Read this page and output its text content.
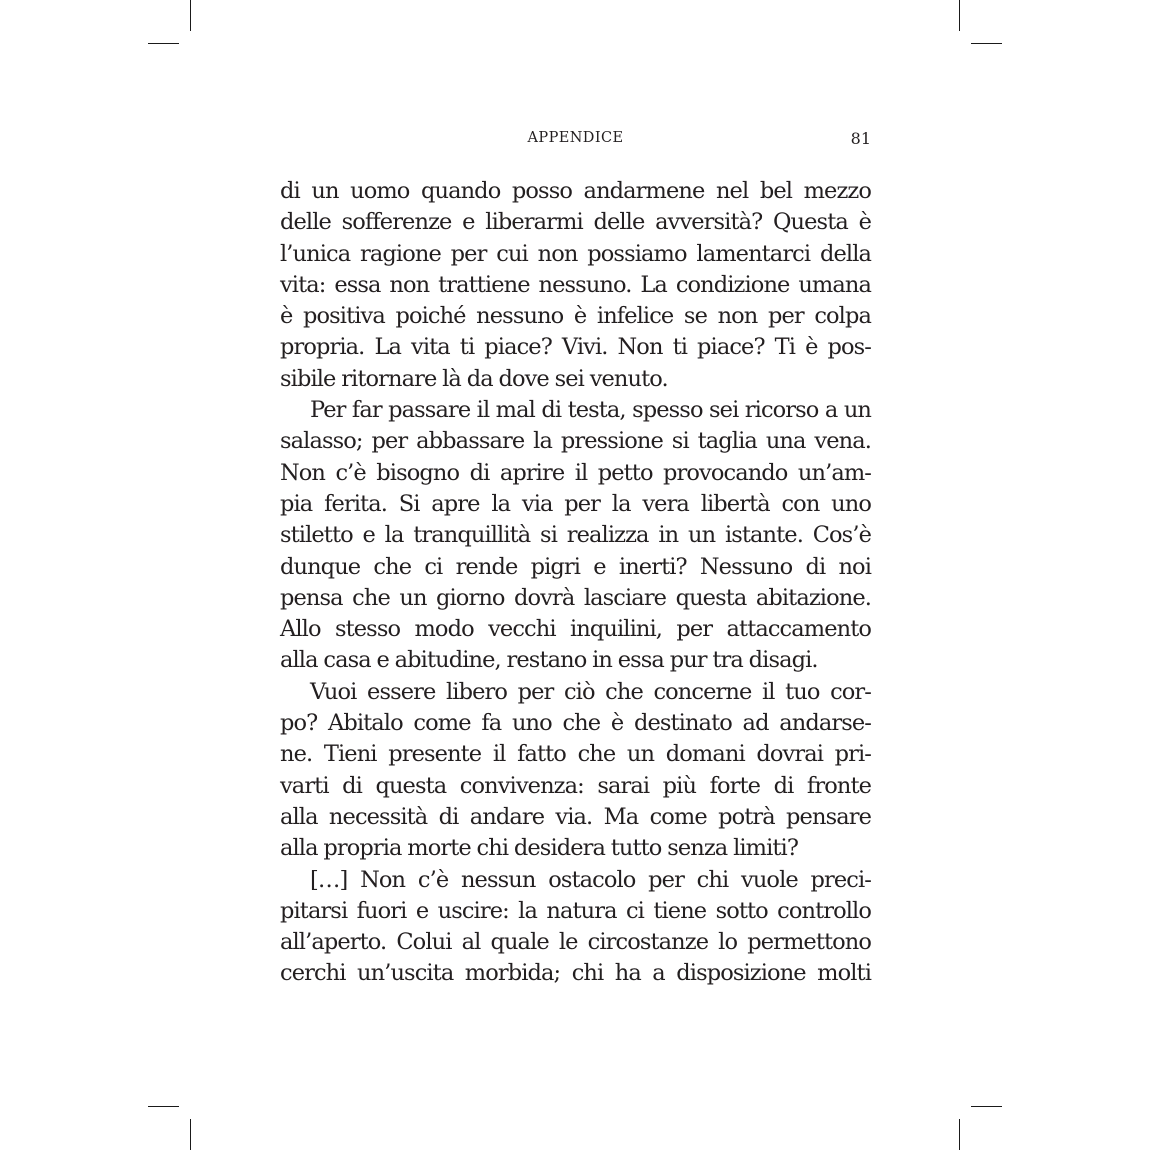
APPENDICE	81
di un uomo quando posso andarmene nel bel mezzo
delle sofferenze e liberarmi delle avversità? Questa è
l’unica ragione per cui non possiamo lamentarci della
vita: essa non trattiene nessuno. La condizione umana
è positiva poiché nessuno è infelice se non per colpa
propria. La vita ti piace? Vivi. Non ti piace? Ti è pos-
sibile ritornare là da dove sei venuto.
Per far passare il mal di testa, spesso sei ricorso a un
salasso; per abbassare la pressione si taglia una vena.
Non c’è bisogno di aprire il petto provocando un’am-
pia ferita. Si apre la via per la vera libertà con uno
stiletto e la tranquillità si realizza in un istante. Cos’è
dunque che ci rende pigri e inerti? Nessuno di noi
pensa che un giorno dovrà lasciare questa abitazione.
Allo stesso modo vecchi inquilini, per attaccamento
alla casa e abitudine, restano in essa pur tra disagi.
Vuoi essere libero per ciò che concerne il tuo cor-
po? Abitalo come fa uno che è destinato ad andarse-
ne. Tieni presente il fatto che un domani dovrai pri-
varti di questa convivenza: sarai più forte di fronte
alla necessità di andare via. Ma come potrà pensare
alla propria morte chi desidera tutto senza limiti?
[…] Non c’è nessun ostacolo per chi vuole preci-
pitarsi fuori e uscire: la natura ci tiene sotto controllo
all’aperto. Colui al quale le circostanze lo permettono
cerchi un’uscita morbida; chi ha a disposizione molti
